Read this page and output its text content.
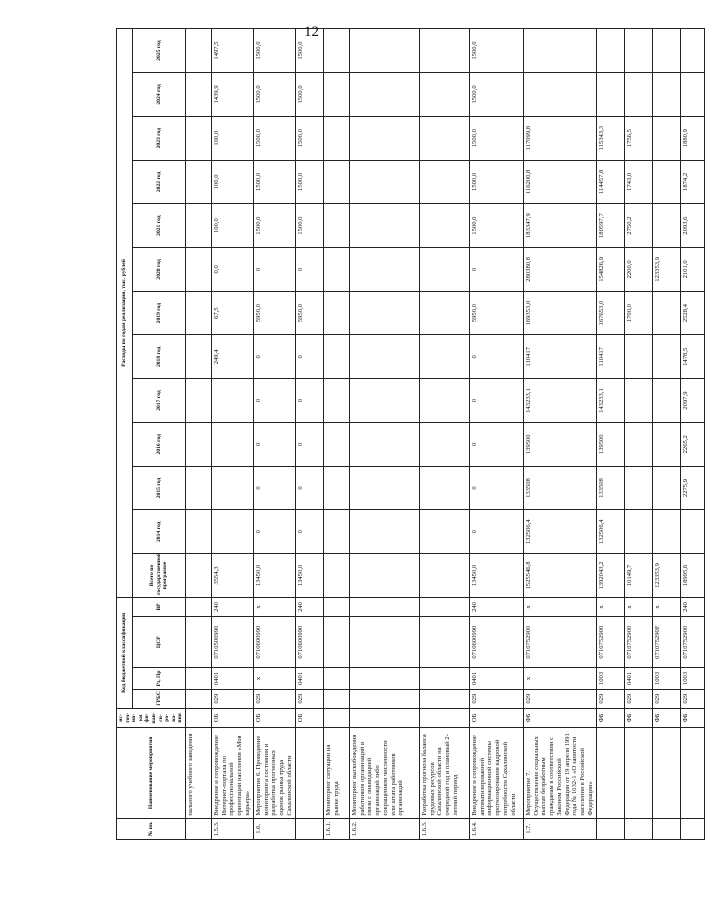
12
№ пп.	Наименование мероприятия	ис-точ-ни-ки фи-нан-си-ро-ва-ния	Код бюджетной классификации				Расходы по годам реализации, тыс. рублей												
			ГРБС	Рз, Пр	ЦСР	ВР	Всего по государственной программе	2014 год	2015 год	2016 год	2017 год	2018 год	2019 год	2020 год	2021 год	2022 год	2023 год	2024 год	2025 год
	нального учебного заведения																		
1.5.3.	Внедрение и сопровождение Интернет-портала по профессиональной ориентации населения «Моя карьера»	ОБ	029	0401	0710500990	240	3554,3					249,4	67,5	0,0	100,0	100,0	100,0	1439,9	1497,5
1.6.	Мероприятие 6. Проведение мониторинга состояния и разработка прогнозных оценок рынка труда Сахалинской области	ОБ	029	x	0710600990	x	13450,0	0	0	0	0	0	5950,0	0	1500,0	1500,0	1500,0	1500,0	1500,0
		ОБ	029	0401	0710600990	240	13450,0	0	0	0	0	0	5950,0	0	1500,0	1500,0	1500,0	1500,0	1500,0
1.6.1.	Мониторинг ситуации на рынке труда																		
1.6.2.	Мониторинг высвобождения работников организаций в связи с ликвидацией организаций либо сокращением численности или штата работников организаций																		
1.6.3.	Разработка прогноза баланса трудовых ресурсов Сахалинской области на очередной год и плановый 2-летний период																		
1.6.4.	Внедрение и сопровождение автоматизированной информационной системы прогнозирования кадровой потребности Сахалинской области	ОБ	029	0401	0710600990	240	13450,0	0	0	0	0	0	5950,0	0	1500,0	1500,0	1500,0	1500,0	1500,0
1.7.	Мероприятие 7. Осуществление социальных выплат безработным гражданам в соответствии с Законом Российской Федерации от 19 апреля 1991 года № 1032-1 «О занятости населения в Российской Федерации»	ФБ	029	x	0710752900	x	1525546,8	132506,4	133508	139500	143233,1	110417	169353,0	280380,8	183347,9	116200,8	117099,8		
		ФБ	029	1003	0710752900	x	1392043,2	132506,4	133508	139500	143233,1	110417	167653,0	154826,9	180597,7	114457,8	115343,3		
		ФБ	029	0401	0710752900	x	10149,7						1700,0	2200,0	2750,2	1743,0	1756,5		
		ФБ	029	1003	071075290F	x	123353,9							123353,9					
		ФБ	029	1003	0710752900	240	18995,6		2275,9	2265,2	2097,9	1478,5	2528,4	2101,0	2093,6	1874,2	1880,9		
